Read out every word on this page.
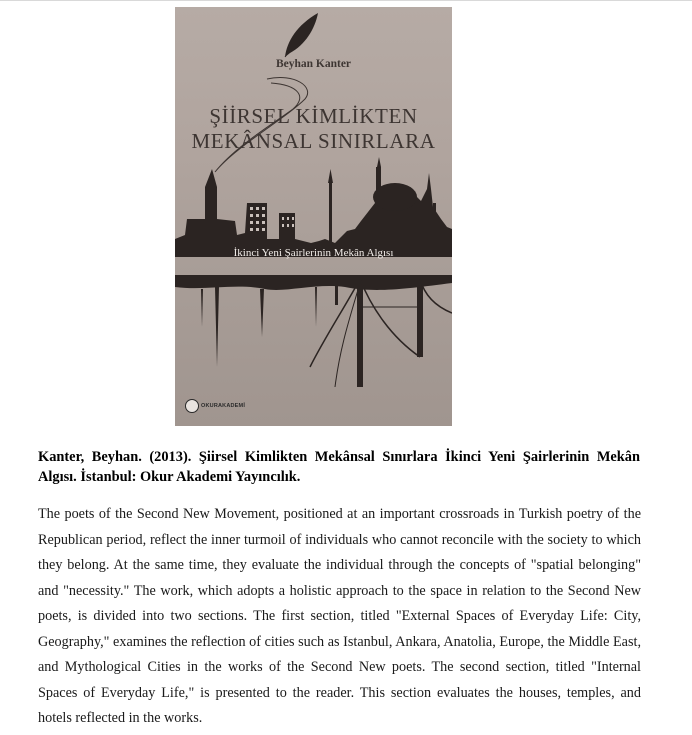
Beyhan Kanter
ŞİİRSEL KİMLİKTEN
MEKÂNSAL SINIRLARA
İkinci Yeni Şairlerinin Mekân Algısı
OKURAKADEMİ
Kanter, Beyhan. (2013). Şiirsel Kimlikten Mekânsal Sınırlara İkinci Yeni Şairlerinin Mekân Algısı. İstanbul: Okur Akademi Yayıncılık.
The poets of the Second New Movement, positioned at an important crossroads in Turkish poetry of the Republican period, reflect the inner turmoil of individuals who cannot reconcile with the society to which they belong. At the same time, they evaluate the individual through the concepts of "spatial belonging" and "necessity." The work, which adopts a holistic approach to the space in relation to the Second New poets, is divided into two sections. The first section, titled "External Spaces of Everyday Life: City, Geography," examines the reflection of cities such as Istanbul, Ankara, Anatolia, Europe, the Middle East, and Mythological Cities in the works of the Second New poets. The second section, titled "Internal Spaces of Everyday Life," is presented to the reader. This section evaluates the houses, temples, and hotels reflected in the works.
